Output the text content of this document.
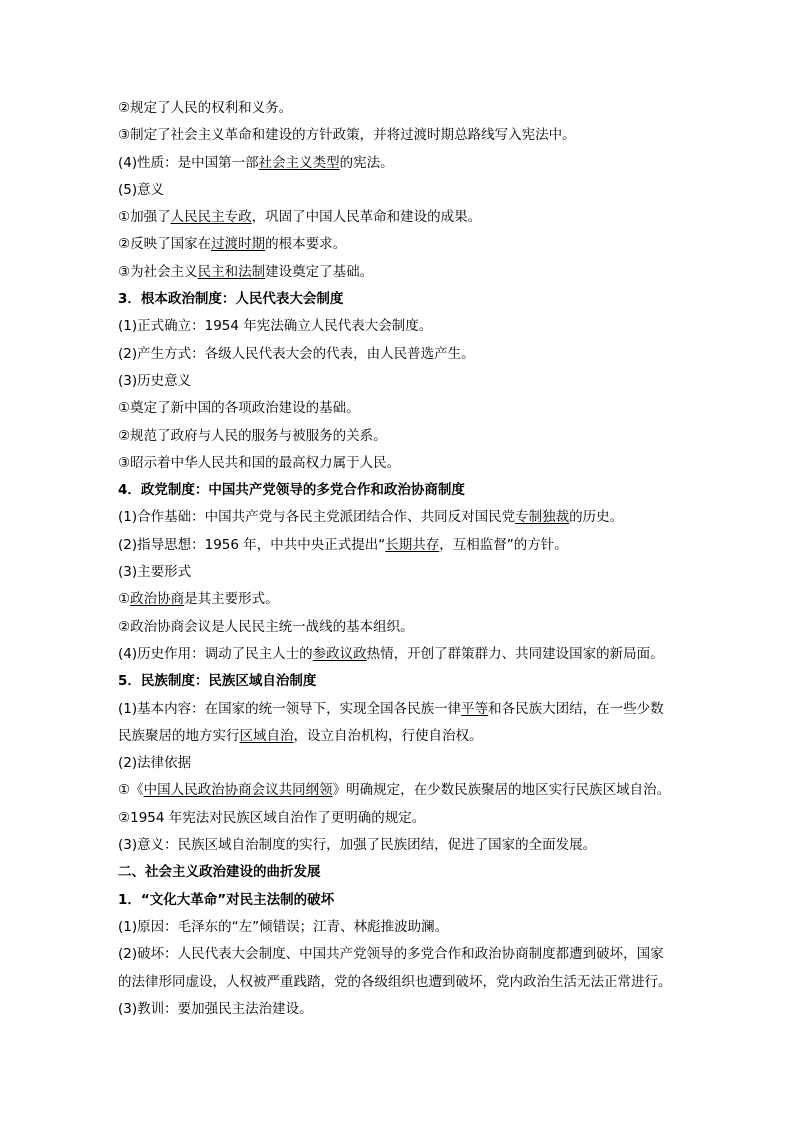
②规定了人民的权利和义务。
③制定了社会主义革命和建设的方针政策，并将过渡时期总路线写入宪法中。
(4)性质：是中国第一部社会主义类型的宪法。
(5)意义
①加强了人民民主专政，巩固了中国人民革命和建设的成果。
②反映了国家在过渡时期的根本要求。
③为社会主义民主和法制建设奠定了基础。
3．根本政治制度：人民代表大会制度
(1)正式确立：1954 年宪法确立人民代表大会制度。
(2)产生方式：各级人民代表大会的代表，由人民普选产生。
(3)历史意义
①奠定了新中国的各项政治建设的基础。
②规范了政府与人民的服务与被服务的关系。
③昭示着中华人民共和国的最高权力属于人民。
4．政党制度：中国共产党领导的多党合作和政治协商制度
(1)合作基础：中国共产党与各民主党派团结合作、共同反对国民党专制独裁的历史。
(2)指导思想：1956 年，中共中央正式提出“长期共存，互相监督”的方针。
(3)主要形式
①政治协商是其主要形式。
②政治协商会议是人民民主统一战线的基本组织。
(4)历史作用：调动了民主人士的参政议政热情，开创了群策群力、共同建设国家的新局面。
5．民族制度：民族区域自治制度
(1)基本内容：在国家的统一领导下，实现全国各民族一律平等和各民族大团结，在一些少数
民族聚居的地方实行区域自治，设立自治机构，行使自治权。
(2)法律依据
①《中国人民政治协商会议共同纲领》明确规定，在少数民族聚居的地区实行民族区域自治。
②1954 年宪法对民族区域自治作了更明确的规定。
(3)意义：民族区域自治制度的实行，加强了民族团结，促进了国家的全面发展。
二、社会主义政治建设的曲折发展
1．“文化大革命”对民主法制的破坏
(1)原因：毛泽东的“左”倾错误；江青、林彪推波助澜。
(2)破坏：人民代表大会制度、中国共产党领导的多党合作和政治协商制度都遭到破坏，国家
的法律形同虚设，人权被严重践踏，党的各级组织也遭到破坏，党内政治生活无法正常进行。
(3)教训：要加强民主法治建设。
